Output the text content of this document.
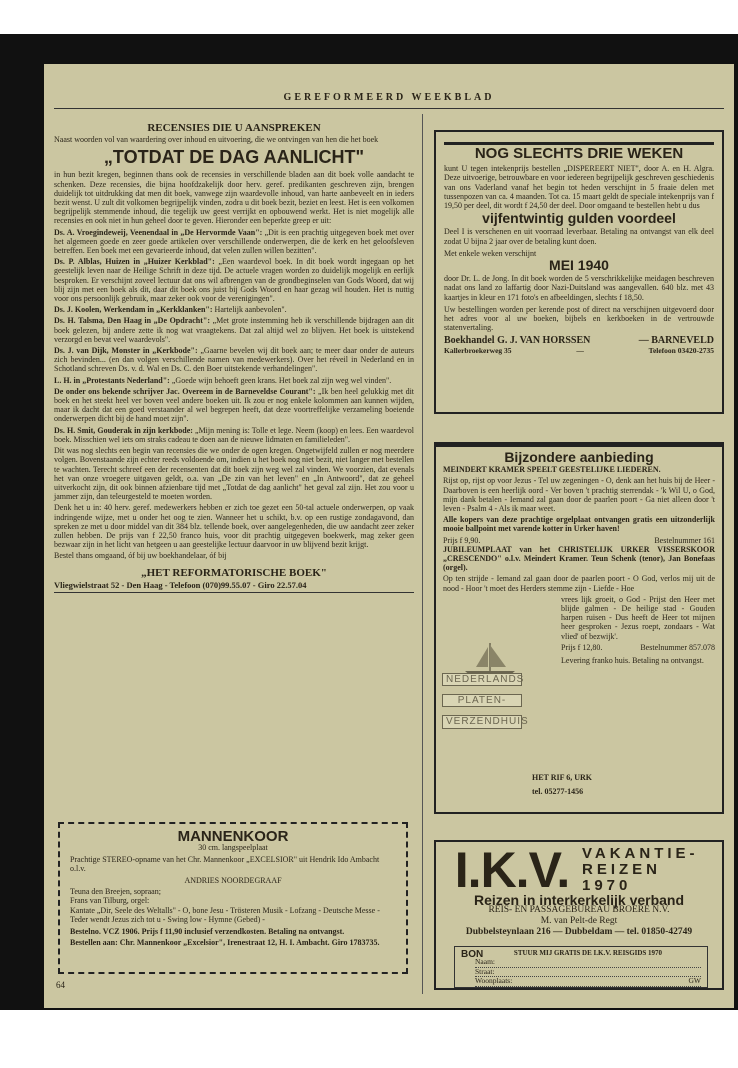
GEREFORMEERD WEEKBLAD
RECENSIES DIE U AANSPREKEN

Naast woorden vol van waardering over inhoud en uitvoering, die we ontvingen van hen die het boek

„TOTDAT DE DAG AANLICHT"

in hun bezit kregen, beginnen thans ook de recensies in verschillende bladen aan dit boek volle aandacht te schenken. Deze recensies, die bijna hoofdzakelijk door herv. geref. predikanten geschreven zijn, brengen duidelijk tot uitdrukking dat men dit boek, vanwege zijn waardevolle inhoud, van harte aanbeveelt en in ieders bezit wenst. U zult dit volkomen begrijpelijk vinden, zodra u dit boek bezit, beziet en leest. Het is een volkomen begrijpelijk stemmende inhoud, die tegelijk uw geest verrijkt en opbouwend werkt. Het is niet mogelijk alle recensies en ook niet in hun geheel door te geven. Hieronder een beperkte greep er uit:

Ds. A. Vroegindeweij, Veenendaal in „De Hervormde Vaan": „Dit is een prachtig uitgegeven boek met over het algemeen goede en zeer goede artikelen over verschillende onderwerpen, die de kerk en het geloofsleven betreffen. Een boek met een gevarieerde inhoud, dat velen zullen willen bezitten".

Ds. P. Alblas, Huizen in „Huizer Kerkblad": „Een waardevol boek. In dit boek wordt ingegaan op het geestelijk leven naar de Heilige Schrift in deze tijd. De actuele vragen worden zo duidelijk mogelijk en eerlijk besproken. Er verschijnt zoveel lectuur dat ons wil afbrengen van de grondbeginselen van Gods Woord, dat wij blij zijn met een boek als dit, daar dit boek ons juist bij Gods Woord en haar gezag wil houden. Het is nuttig voor ons persoonlijk gebruik, maar zeker ook voor de verenigingen".

Ds. J. Koolen, Werkendam in „Kerkklanken": Hartelijk aanbevolen".

Ds. H. Talsma, Den Haag in „De Opdracht": „Met grote instemming heb ik verschillende bijdragen aan dit boek gelezen, bij andere zette ik nog wat vraagtekens. Dat zal altijd wel zo blijven. Het boek is uitstekend verzorgd en bevat veel waardevols".

Ds. J. van Dijk, Monster in „Kerkbode": „Gaarne bevelen wij dit boek aan; te meer daar onder de auteurs zich bevinden... (en dan volgen verschillende namen van medewerkers). Over het réveil in Nederland en in Schotland schreven Ds. v. d. Wal en Ds. C. den Boer uitstekende verhandelingen".

L. H. in „Protestants Nederland": „Goede wijn behoeft geen krans. Het boek zal zijn weg wel vinden".

De onder ons bekende schrijver Jac. Overeem in de Barneveldse Courant": „Ik ben heel gelukkig met dit boek en het steekt heel ver boven veel andere boeken uit. Ik zou er nog enkele kolommen aan kunnen wijden, maar ik dacht dat een goed verstaander al wel begrepen heeft, dat deze voortreffelijke verzameling boeiende onderwerpen dicht bij de hand moet zijn".

Ds. H. Smit, Gouderak in zijn kerkbode: „Mijn mening is: Tolle et lege. Neem (koop) en lees. Een waardevol boek. Misschien wel iets om straks cadeau te doen aan de nieuwe lidmaten en familieleden".

Dit was nog slechts een begin van recensies die we onder de ogen kregen. Ongetwijfeld zullen er nog meerdere volgen. Bovenstaande zijn echter reeds voldoende om, indien u het boek nog niet bezit, niet langer met bestellen te wachten. Terecht schreef een der recensenten dat dit boek zijn weg wel zal vinden. We voorzien, dat evenals het van onze vroegere uitgaven geldt, o.a. van „De zin van het leven" en „In Antwoord", dat ze geheel uitverkocht zijn, dit ook binnen afzienbare tijd met „Totdat de dag aanlicht" het geval zal zijn. Het zou voor u jammer zijn, dan teleurgesteld te moeten worden.

Denk het u in: 40 herv. geref. medewerkers hebben er zich toe gezet een 50-tal actuele onderwerpen, op vaak indringende wijze, met u onder het oog te zien. Wanneer het u schikt, b.v. op een rustige zondagavond, dan spreken ze met u door middel van dit 384 blz. tellende boek, over aangelegenheden, die uw aandacht zeer zeker zullen hebben. De prijs van f 22,50 franco huis, voor dit prachtig uitgegeven boekwerk, mag zeker geen bezwaar zijn in het licht van hetgeen u aan geestelijke lectuur daarvoor in uw blijvend bezit krijgt.

Bestel thans omgaand, óf bij uw boekhandelaar, óf bij

„HET REFORMATORISCHE BOEK"
Vliegwielstraat 52 - Den Haag - Telefoon (070)99.55.07 - Giro 22.57.04
MANNENKOOR

30 cm. langspeelplaat

Prachtige STEREO-opname van het Chr. Mannenkoor „EXCELSIOR" uit Hendrik Ido Ambacht o.l.v.

ANDRIES NOORDEGRAAF

Teuna den Breejen, sopraan;
Frans van Tilburg, orgel:

Kantate „Dir, Seele des Weltalls" - O, bone Jesu - Trösteren Musik - Lofzang - Deutsche Messe - Teder wendt Jezus zich tot u - Swing low - Hymne (Gebed) -

Bestelno. VCZ 1906. Prijs f 11,90 inclusief verzendkosten. Betaling na ontvangst.

Bestellen aan: Chr. Mannenkoor „Excelsior", Irenestraat 12, H. I. Ambacht. Giro 1783735.

64
NOG SLECHTS DRIE WEKEN

kunt U tegen intekenprijs bestellen „DISPEREERT NIET", door A. en H. Algra. Deze uitvoerige, betrouwbare en voor iedereen begrijpelijk geschreven geschiedenis van ons Vaderland vanaf het begin tot heden verschijnt in 5 fraaie delen met tussenpozen van ca. 4 maanden. Tot ca. 15 maart geldt de speciale intekenprijs van f 19,50 per deel, dit wordt f 24,50 der deel. Door omgaand te bestellen hebt u dus

vijfentwintig gulden voordeel

Deel I is verschenen en uit voorraad leverbaar. Betaling na ontvangst van elk deel zodat U bijna 2 jaar over de betaling kunt doen.

Met enkele weken verschijnt

MEI 1940

door Dr. L. de Jong. In dit boek worden de 5 verschrikkelijke meidagen beschreven nadat ons land zo laffartig door Nazi-Duitsland was aangevallen. 640 blz. met 43 kaartjes in kleur en 171 foto's en afbeeldingen, slechts f 18,50.

Uw bestellingen worden per kerende post of direct na verschijnen uitgevoerd door het adres voor al uw boeken, bijbels en kerkboeken in de vertrouwde statenvertaling.

Boekhandel G. J. VAN HORSSEN	— BARNEVELD
Kallerbroekerweg 35	—	Telefoon 03420-2735
Bijzondere aanbieding

MEINDERT KRAMER SPEELT GEESTELIJKE LIEDEREN.

Rijst op, rijst op voor Jezus - Tel uw zegeningen - O, denk aan het huis bij de Heer - Daarboven is een heerlijk oord - Ver boven 't prachtig sterrendak - 'k Wil U, o God, mijn dank betalen - Iemand zal gaan door de paarlen poort - Ga niet alleen door 't leven - Psalm 4 - Als ik maar weet.

Alle kopers van deze prachtige orgelplaat ontvangen gratis een uitzonderlijk mooie ballpoint met varende kotter in Urker haven!

Prijs f 9,90.	Bestelnummer 161

JUBILEUMPLAAT van het CHRISTELIJK URKER VISSERSKOOR „CRESCENDO" o.l.v. Meindert Kramer. Teun Schenk (tenor), Jan Bonefaas (orgel).

Op ten strijde - Iemand zal gaan door de paarlen poort - O God, verlos mij uit de nood - Hoor 't moet des Herders stemme zijn - Liefde - Hoe

vrees lijk groeit, o God - Prijst den Heer met blijde galmen - De heilige stad - Gouden harpen ruisen - Dus heeft de Heer tot mijnen heer gesproken - Jezus roept, zondaars - Wat vlied' of bezwijk'.

Prijs f 12,80.	Bestelnummer 857.078

Levering franko huis. Betaling na ontvangst.

NEDERLANDS
PLATEN-
VERZENDHUIS
HET RIF 6, URK
tel. 05277-1456
I.K.V. VAKANTIE-
REIZEN
1970
Reizen in interkerkelijk verband
REIS- EN PASSAGEBUREAU BROERE N.V.
M. van Pelt-de Regt
Dubbelsteynlaan 216 — Dubbeldam — tel. 01850-42749
BON	STUUR MIJ GRATIS DE I.K.V. REISGIDS 1970
Naam:
Straat:
Woonplaats:	GW
